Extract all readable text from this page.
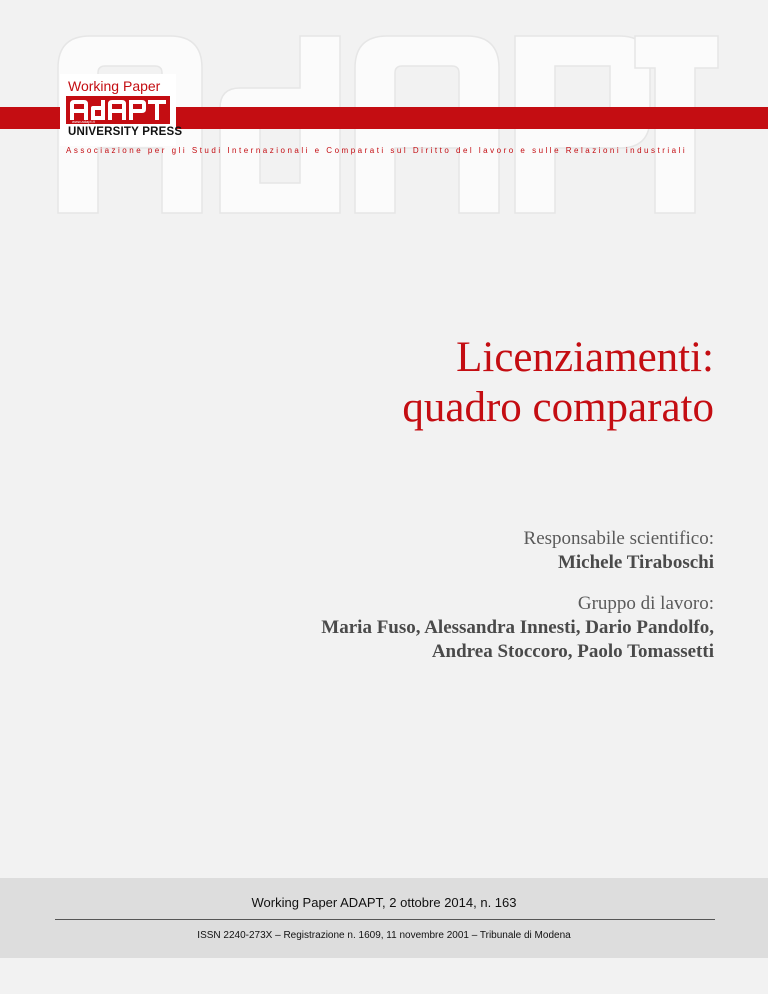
Working Paper
www.adapt.it
UNIVERSITY PRESS
Associazione per gli Studi Internazionali e Comparati sul Diritto del lavoro e sulle Relazioni industriali
Licenziamenti:
quadro comparato
Responsabile scientifico:
Michele Tiraboschi
Gruppo di lavoro:
Maria Fuso, Alessandra Innesti, Dario Pandolfo,
Andrea Stoccoro, Paolo Tomassetti
Working Paper ADAPT, 2 ottobre 2014, n. 163
ISSN 2240-273X – Registrazione n. 1609, 11 novembre 2001 – Tribunale di Modena
